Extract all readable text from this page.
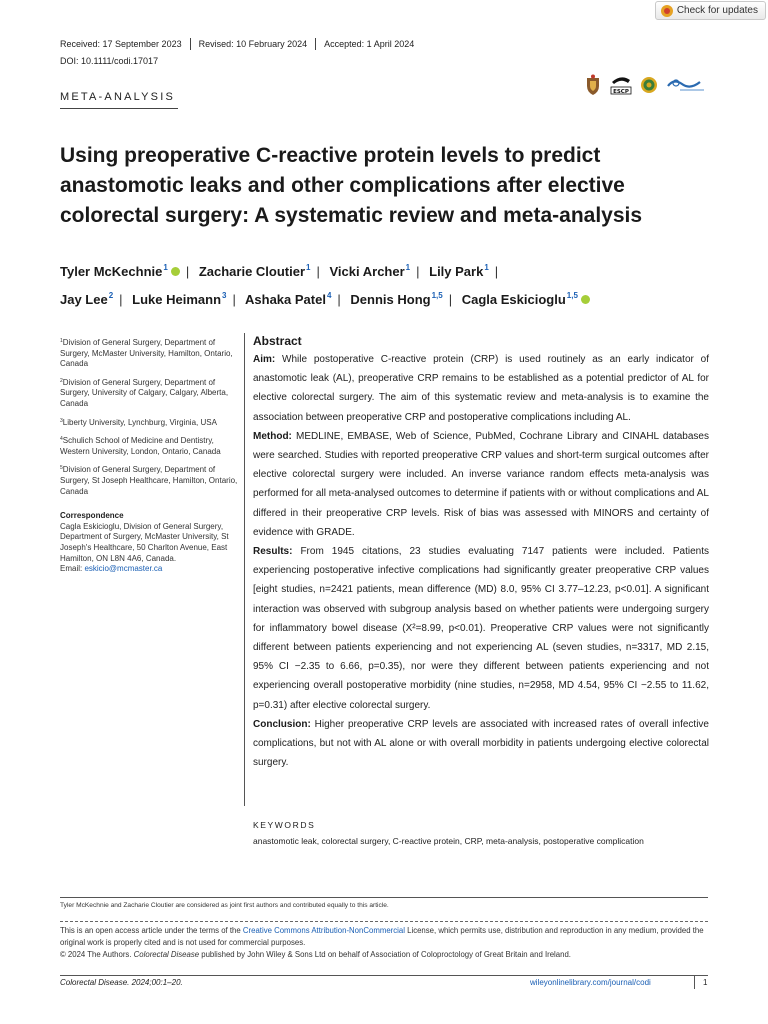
Check for updates
Received: 17 September 2023	Revised: 10 February 2024	Accepted: 1 April 2024
DOI: 10.1111/codi.17017
META-ANALYSIS	ESCP
Using preoperative C-reactive protein levels to predict anastomotic leaks and other complications after elective colorectal surgery: A systematic review and meta-analysis
Tyler McKechnie$^1$ | Zacharie Cloutier$^1$ | Vicki Archer$^1$ | Lily Park$^1$ |
Jay Lee$^2$ | Luke Heimann$^3$ | Ashaka Patel$^4$ | Dennis Hong$^{1,5}$ | Cagla Eskicioglu$^{1,5}$
$^1$Division of General Surgery, Department of Surgery, McMaster University, Hamilton, Ontario, Canada
$^2$Division of General Surgery, Department of Surgery, University of Calgary, Calgary, Alberta, Canada
$^3$Liberty University, Lynchburg, Virginia, USA
$^4$Schulich School of Medicine and Dentistry, Western University, London, Ontario, Canada
$^5$Division of General Surgery, Department of Surgery, St Joseph Healthcare, Hamilton, Ontario, Canada
Correspondence
Cagla Eskicioglu, Division of General Surgery, Department of Surgery, McMaster University, St Joseph's Healthcare, 50 Charlton Avenue, East Hamilton, ON L8N 4A6, Canada.
Email: eskicio@mcmaster.ca
Abstract

Aim: While postoperative C-reactive protein (CRP) is used routinely as an early indicator of anastomotic leak (AL), preoperative CRP remains to be established as a potential predictor of AL for elective colorectal surgery. The aim of this systematic review and meta-analysis is to examine the association between preoperative CRP and postoperative complications including AL.

Method: MEDLINE, EMBASE, Web of Science, PubMed, Cochrane Library and CINAHL databases were searched. Studies with reported preoperative CRP values and short-term surgical outcomes after elective colorectal surgery were included. An inverse variance random effects meta-analysis was performed for all meta-analysed outcomes to determine if patients with or without complications and AL differed in their preoperative CRP levels. Risk of bias was assessed with MINORS and certainty of evidence with GRADE.

Results: From 1945 citations, 23 studies evaluating 7147 patients were included. Patients experiencing postoperative infective complications had significantly greater preoperative CRP values [eight studies, n=2421 patients, mean difference (MD) 8.0, 95% CI 3.77–12.23, p<0.01]. A significant interaction was observed with subgroup analysis based on whether patients were undergoing surgery for inflammatory bowel disease (X²=8.99, p<0.01). Preoperative CRP values were not significantly different between patients experiencing and not experiencing AL (seven studies, n=3317, MD 2.15, 95% CI −2.35 to 6.66, p=0.35), nor were they different between patients experiencing and not experiencing overall postoperative morbidity (nine studies, n=2958, MD 4.54, 95% CI −2.55 to 11.62, p=0.31) after elective colorectal surgery.

Conclusion: Higher preoperative CRP levels are associated with increased rates of overall infective complications, but not with AL alone or with overall morbidity in patients undergoing elective colorectal surgery.

KEYWORDS
anastomotic leak, colorectal surgery, C-reactive protein, CRP, meta-analysis, postoperative complication
Tyler McKechnie and Zacharie Cloutier are considered as joint first authors and contributed equally to this article.
This is an open access article under the terms of the Creative Commons Attribution-NonCommercial License, which permits use, distribution and reproduction in any medium, provided the original work is properly cited and is not used for commercial purposes.
© 2024 The Authors. Colorectal Disease published by John Wiley & Sons Ltd on behalf of Association of Coloproctology of Great Britain and Ireland.
Colorectal Disease. 2024;00:1–20.	wileyonlinelibrary.com/journal/codi	1
